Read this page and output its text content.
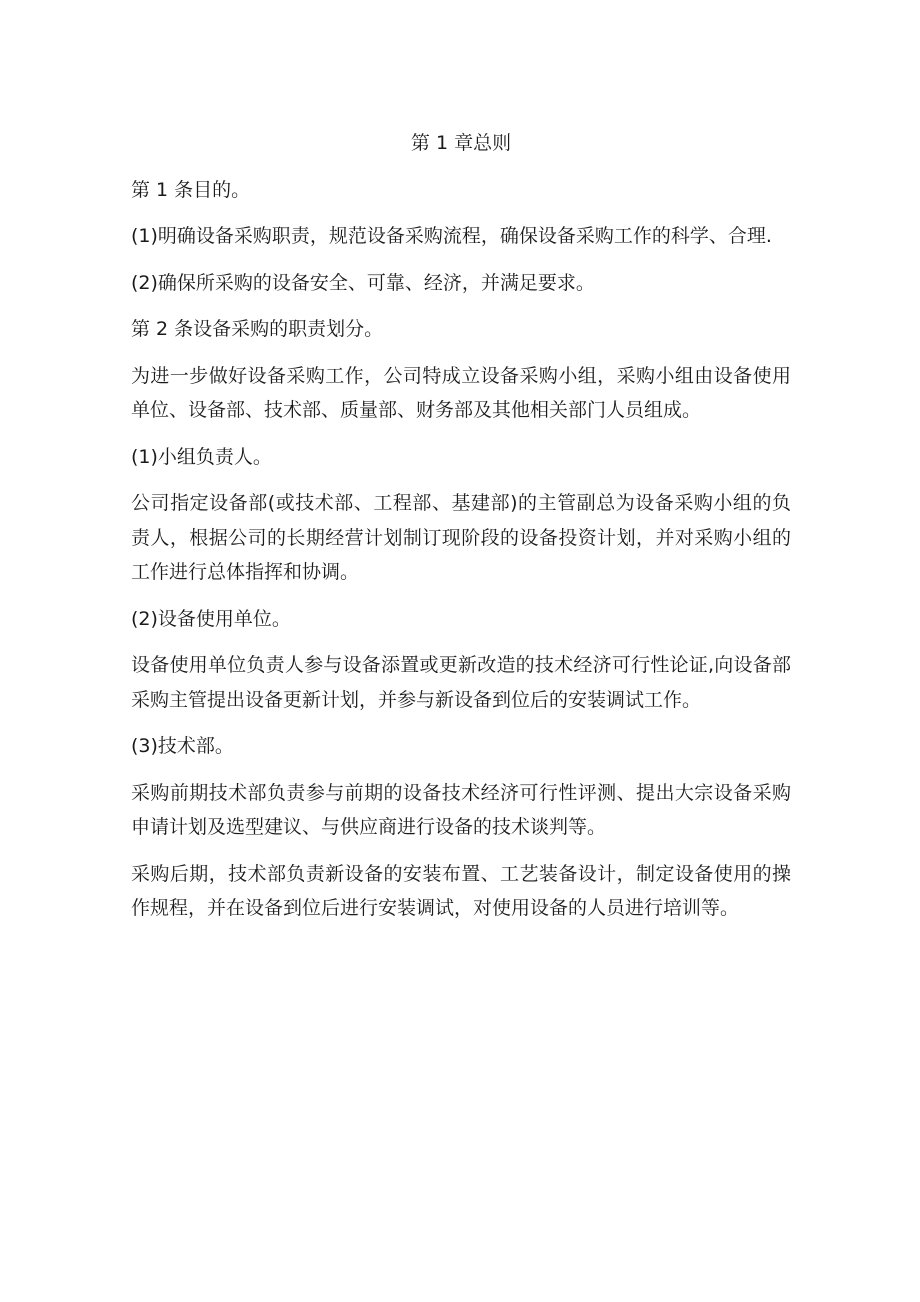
第 1 章总则

第 1 条目的。

(1)明确设备采购职责，规范设备采购流程，确保设备采购工作的科学、合理.

(2)确保所采购的设备安全、可靠、经济，并满足要求。

第 2 条设备采购的职责划分。

为进一步做好设备采购工作，公司特成立设备采购小组，采购小组由设备使用单位、设备部、技术部、质量部、财务部及其他相关部门人员组成。

(1)小组负责人。

公司指定设备部(或技术部、工程部、基建部)的主管副总为设备采购小组的负责人，根据公司的长期经营计划制订现阶段的设备投资计划，并对采购小组的工作进行总体指挥和协调。

(2)设备使用单位。

设备使用单位负责人参与设备添置或更新改造的技术经济可行性论证,向设备部采购主管提出设备更新计划，并参与新设备到位后的安装调试工作。

(3)技术部。

采购前期技术部负责参与前期的设备技术经济可行性评测、提出大宗设备采购申请计划及选型建议、与供应商进行设备的技术谈判等。

采购后期，技术部负责新设备的安装布置、工艺装备设计，制定设备使用的操作规程，并在设备到位后进行安装调试，对使用设备的人员进行培训等。
